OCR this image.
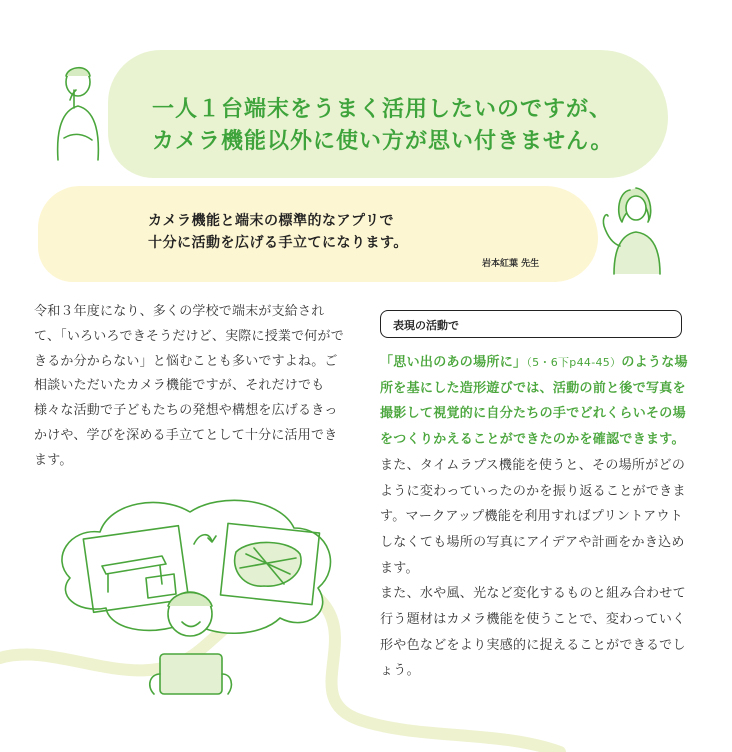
一人１台端末をうまく活用したいのですが、
カメラ機能以外に使い方が思い付きません。
カメラ機能と端末の標準的なアプリで
十分に活動を広げる手立てになります。
岩本紅葉 先生
令和３年度になり、多くの学校で端末が支給されて、「いろいろできそうだけど、実際に授業で何ができるか分からない」と悩むことも多いですよね。ご相談いただいたカメラ機能ですが、それだけでも様々な活動で子どもたちの発想や構想を広げるきっかけや、学びを深める手立てとして十分に活用できます。
表現の活動で
「思い出のあの場所に」（5・6下p44-45）のような場所を基にした造形遊びでは、活動の前と後で写真を撮影して視覚的に自分たちの手でどれくらいその場をつくりかえることができたのかを確認できます。また、タイムラプス機能を使うと、その場所がどのように変わっていったのかを振り返ることができます。マークアップ機能を利用すればプリントアウトしなくても場所の写真にアイデアや計画をかき込めます。
また、水や風、光など変化するものと組み合わせて行う題材はカメラ機能を使うことで、変わっていく形や色などをより実感的に捉えることができるでしょう。
